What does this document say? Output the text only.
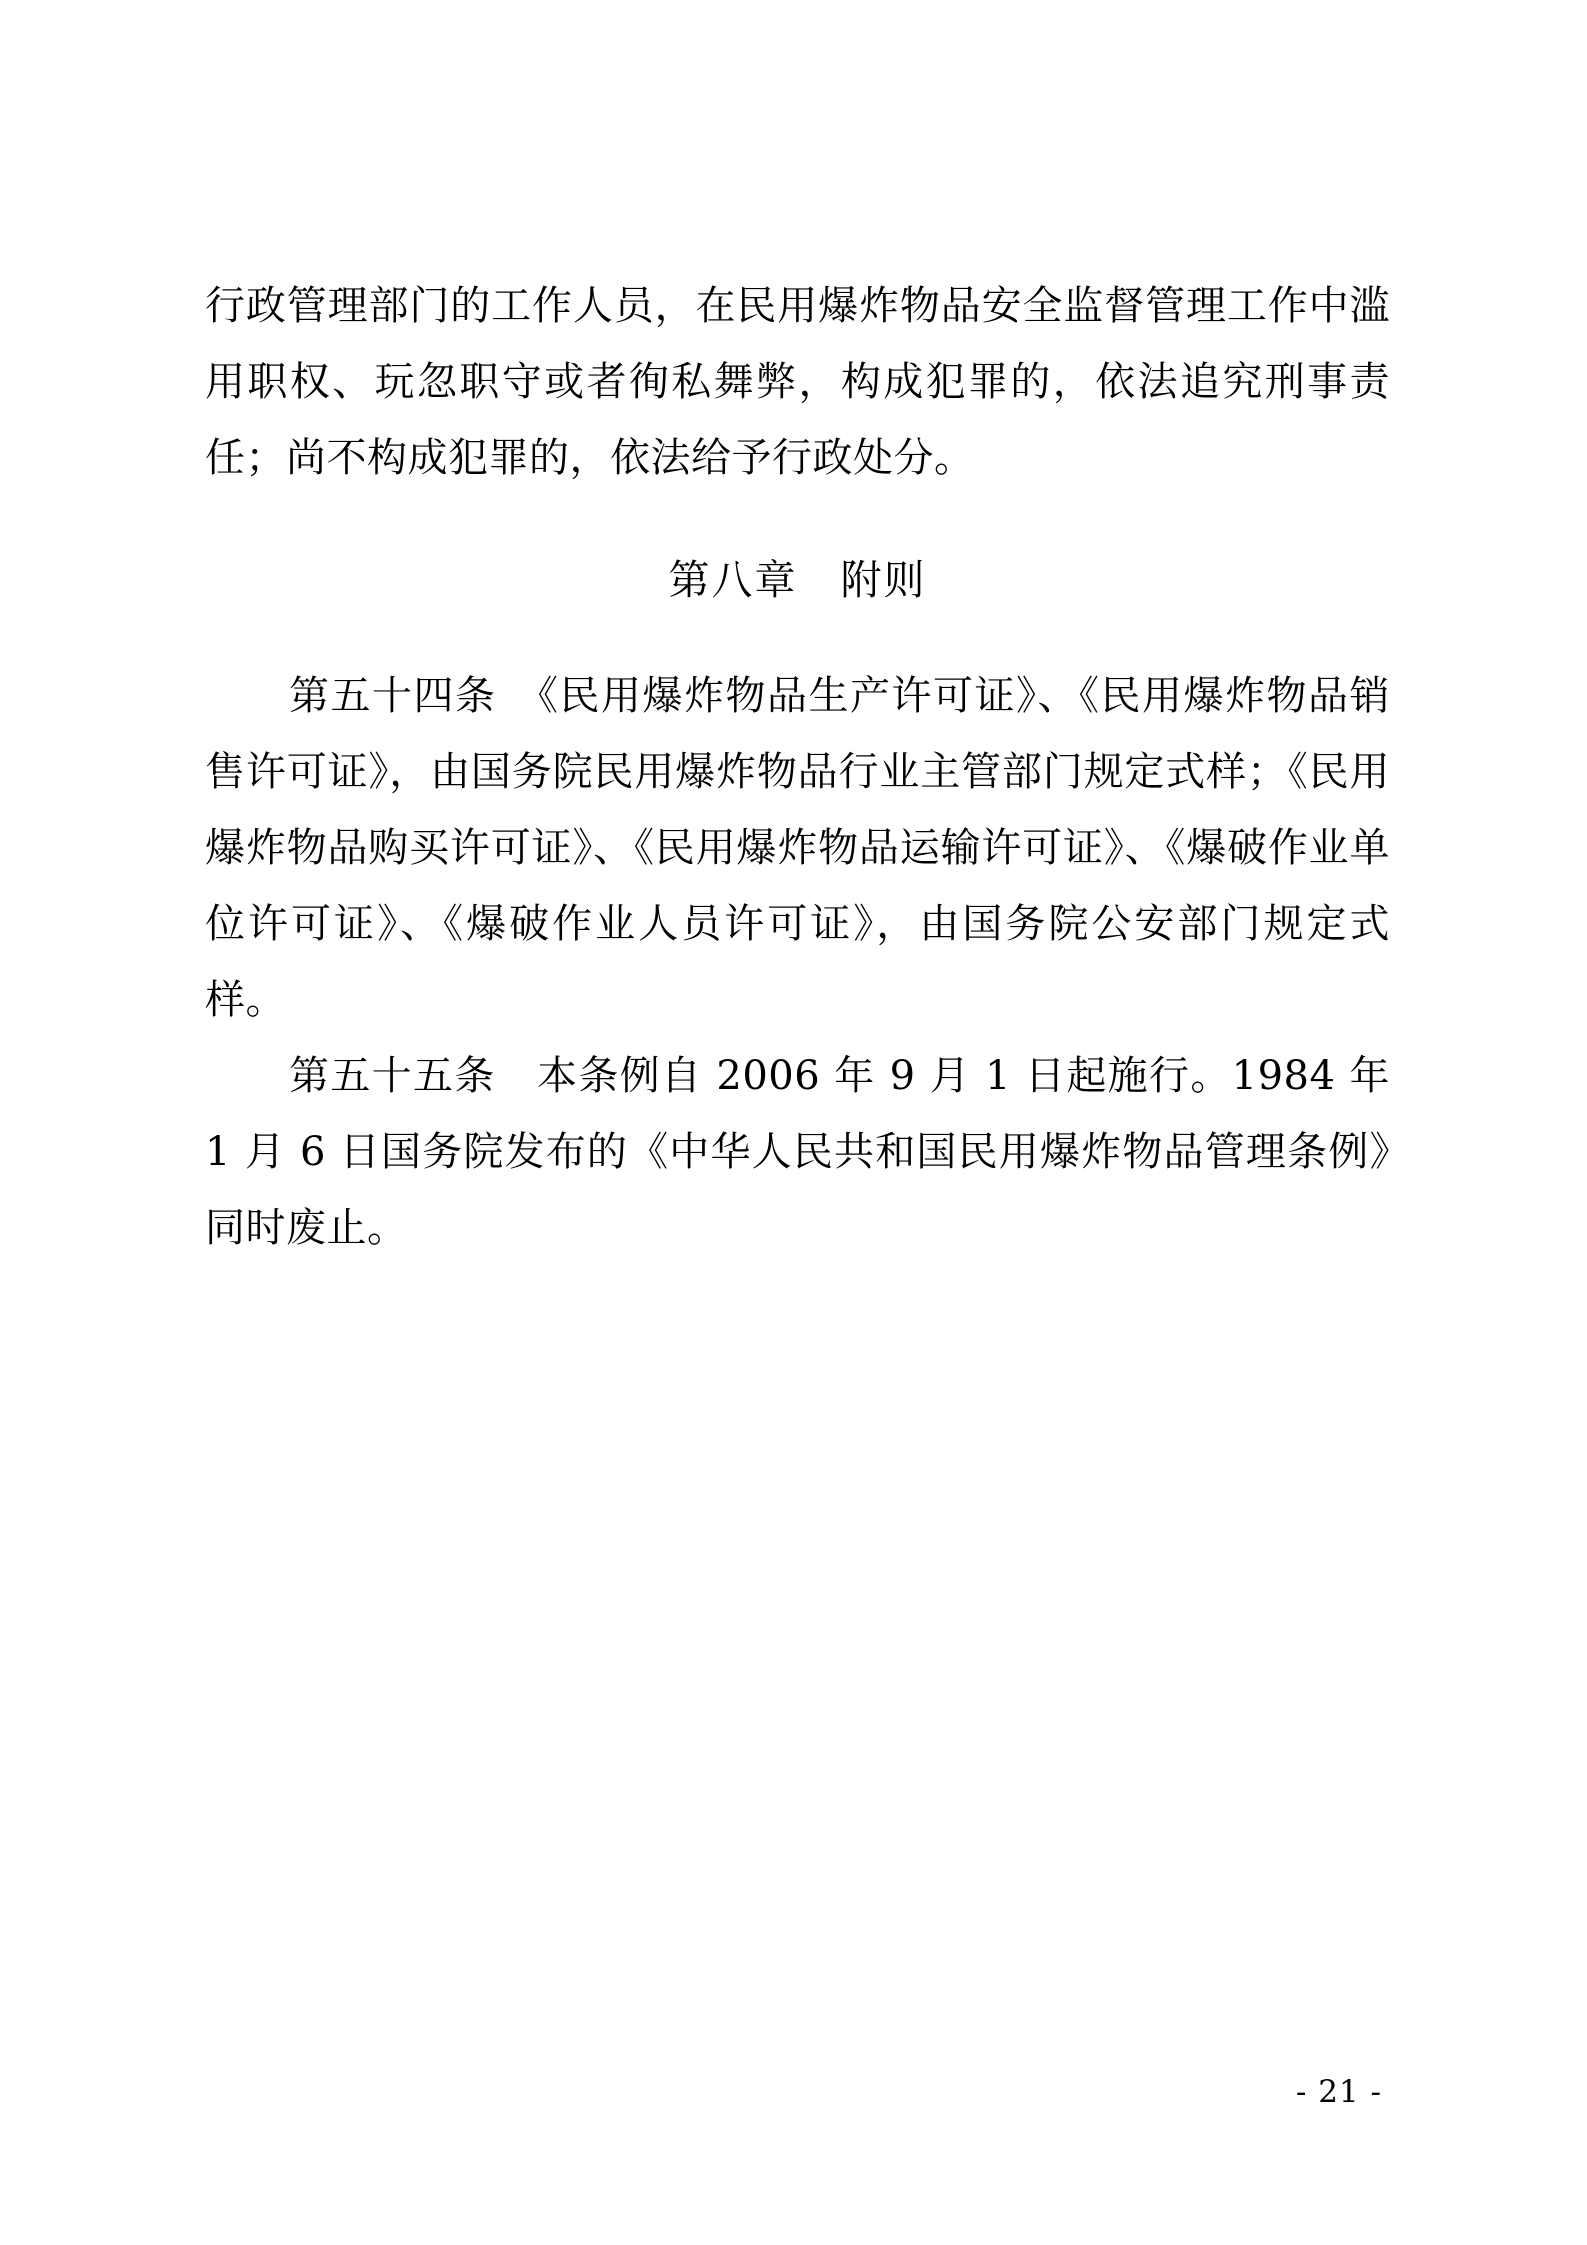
行政管理部门的工作人员，在民用爆炸物品安全监督管理工作中滥用职权、玩忽职守或者徇私舞弊，构成犯罪的，依法追究刑事责任；尚不构成犯罪的，依法给予行政处分。

第八章　附则

第五十四条　《民用爆炸物品生产许可证》、《民用爆炸物品销售许可证》，由国务院民用爆炸物品行业主管部门规定式样；《民用爆炸物品购买许可证》、《民用爆炸物品运输许可证》、《爆破作业单位许可证》、《爆破作业人员许可证》，由国务院公安部门规定式样。

第五十五条　本条例自 2006 年 9 月 1 日起施行。1984 年 1 月 6 日国务院发布的《中华人民共和国民用爆炸物品管理条例》同时废止。

- 21 -
